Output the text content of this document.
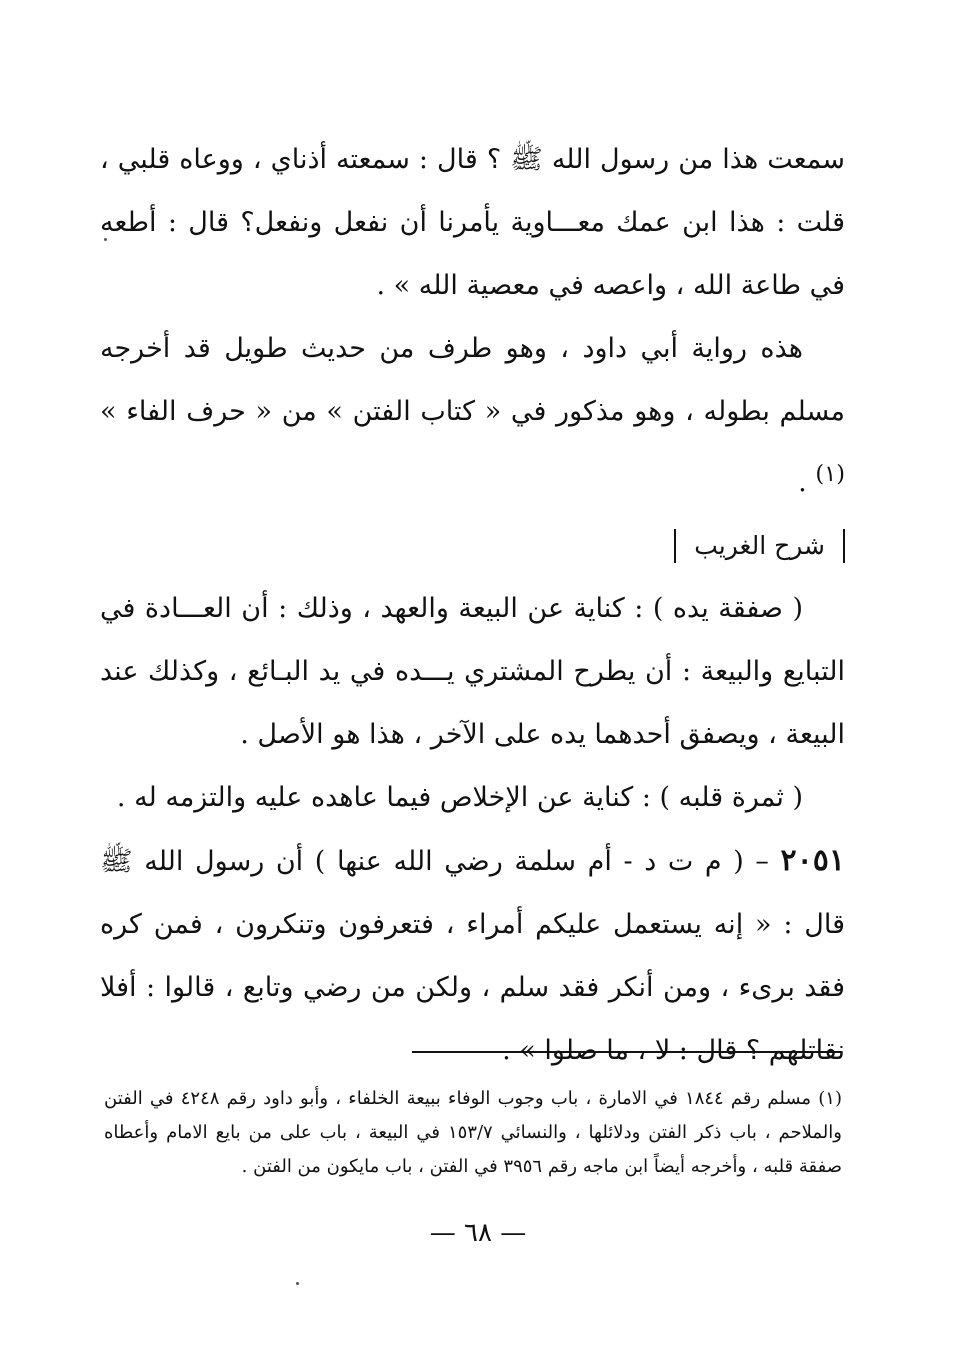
سمعت هذا من رسول الله ﷺ ؟ قال : سمعته أذناي ، ووعاه قلبي ، قلت : هذا ابن عمك معـــاوية يأمرنا أن نفعل ونفعل؟ قال : أطعه في طاعة الله ، واعصه في معصية الله » .

هذه رواية أبي داود ، وهو طرف من حديث طويل قد أخرجه مسلم بطوله ، وهو مذكور في « كتاب الفتن » من « حرف الفاء » $^{(١)}$ .

شرح الغريب

( صفقة يده ) : كناية عن البيعة والعهد ، وذلك : أن العـــادة في التبايع والبيعة : أن يطرح المشتري يـــده في يد البـائع ، وكذلك عند البيعة ، ويصفق أحدهما يده على الآخر ، هذا هو الأصل .

( ثمرة قلبه ) : كناية عن الإخلاص فيما عاهده عليه والتزمه له .

٢٠٥١ – ( م ت د - أم سلمة رضي الله عنها ) أن رسول الله ﷺ قال : « إنه يستعمل عليكم أمراء ، فتعرفون وتنكرون ، فمن كره فقد برىء ، ومن أنكر فقد سلم ، ولكن من رضي وتابع ، قالوا : أفلا نقاتلهم ؟ قال : لا ، ما صلوا » .

(١) مسلم رقم ١٨٤٤ في الامارة ، باب وجوب الوفاء ببيعة الخلفاء ، وأبو داود رقم ٤٢٤٨ في الفتن والملاحم ، باب ذكر الفتن ودلائلها ، والنسائي ١٥٣/٧ في البيعة ، باب على من بايع الامام وأعطاه صفقة قلبه ، وأخرجه أيضاً ابن ماجه رقم ٣٩٥٦ في الفتن ، باب مايكون من الفتن .

— ٦٨ —
